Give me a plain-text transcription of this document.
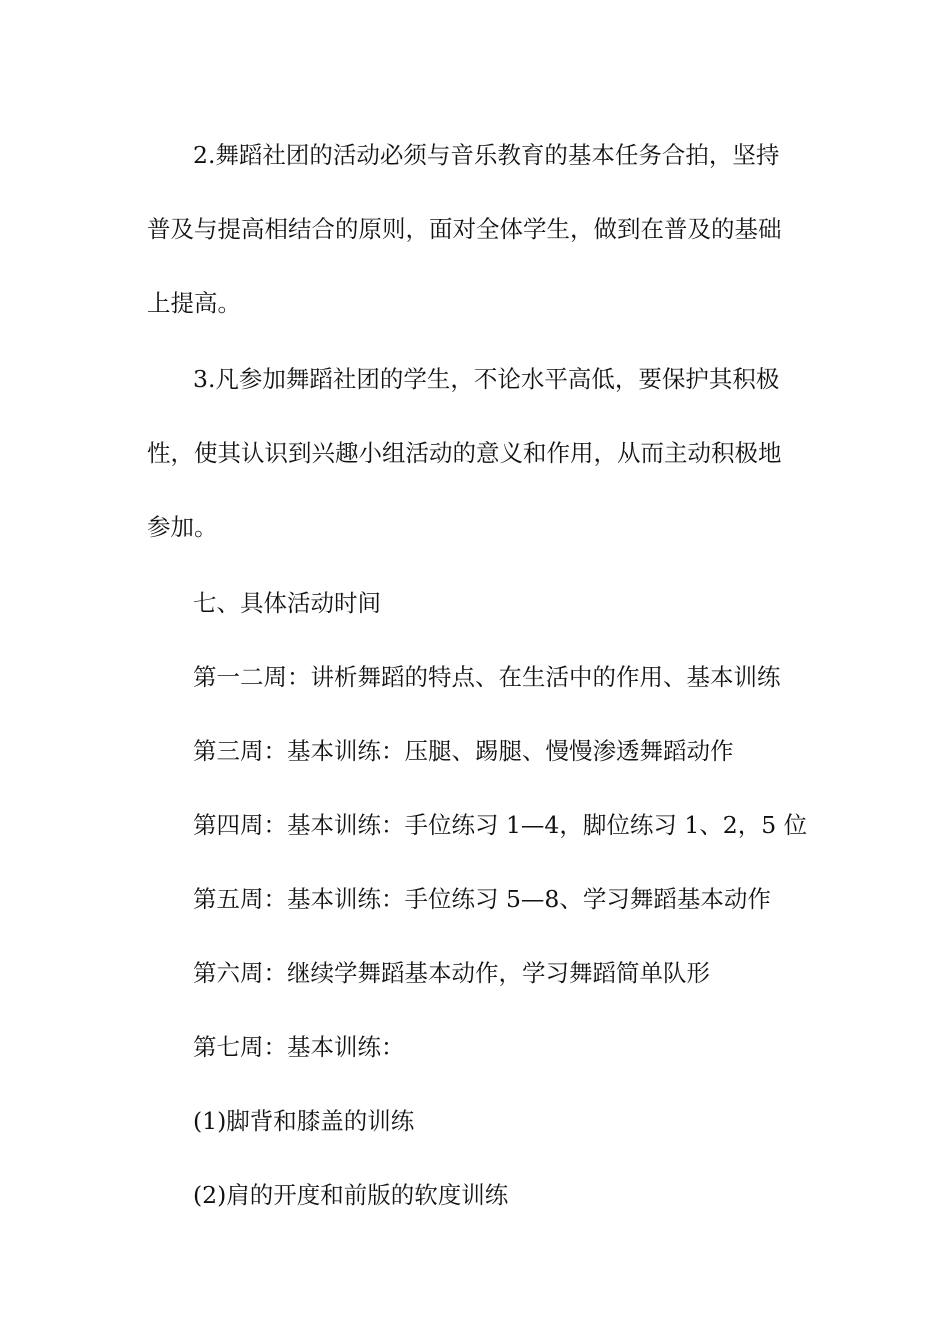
2.舞蹈社团的活动必须与音乐教育的基本任务合拍，坚持
普及与提高相结合的原则，面对全体学生，做到在普及的基础
上提高。

3.凡参加舞蹈社团的学生，不论水平高低，要保护其积极
性，使其认识到兴趣小组活动的意义和作用，从而主动积极地
参加。

七、具体活动时间

第一二周：讲析舞蹈的特点、在生活中的作用、基本训练

第三周：基本训练：压腿、踢腿、慢慢渗透舞蹈动作

第四周：基本训练：手位练习 1—4，脚位练习 1、2，5 位

第五周：基本训练：手位练习 5—8、学习舞蹈基本动作

第六周：继续学舞蹈基本动作，学习舞蹈简单队形

第七周：基本训练：

(1)脚背和膝盖的训练

(2)肩的开度和前版的软度训练
